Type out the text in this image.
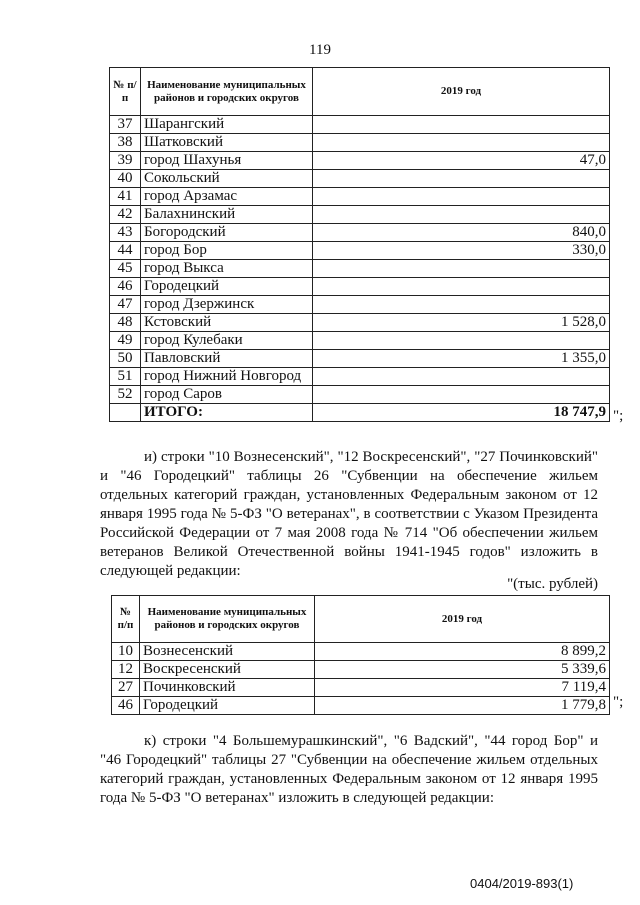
119
№ п/п	Наименование муниципальных районов и городских округов	2019 год
37	Шарангский	
38	Шатковский	
39	город Шахунья	47,0
40	Сокольский	
41	город Арзамас	
42	Балахнинский	
43	Богородский	840,0
44	город Бор	330,0
45	город Выкса	
46	Городецкий	
47	город Дзержинск	
48	Кстовский	1 528,0
49	город Кулебаки	
50	Павловский	1 355,0
51	город Нижний Новгород	
52	город Саров	
	ИТОГО:	18 747,9 ";
и) строки "10 Вознесенский", "12 Воскресенский", "27 Починковский" и "46 Городецкий" таблицы 26 "Субвенции на обеспечение жильем отдельных категорий граждан, установленных Федеральным законом от 12 января 1995 года № 5-ФЗ "О ветеранах", в соответствии с Указом Президента Российской Федерации от 7 мая 2008 года № 714 "Об обеспечении жильем ветеранов Великой Отечественной войны 1941-1945 годов" изложить в следующей редакции:
"(тыс. рублей)
№ п/п	Наименование муниципальных районов и городских округов	2019 год
10	Вознесенский	8 899,2
12	Воскресенский	5 339,6
27	Починковский	7 119,4
46	Городецкий	1 779,8 ";
к) строки "4 Большемурашкинский", "6 Вадский", "44 город Бор" и "46 Городецкий" таблицы 27 "Субвенции на обеспечение жильем отдельных категорий граждан, установленных Федеральным законом от 12 января 1995 года № 5-ФЗ "О ветеранах" изложить в следующей редакции:
0404/2019-893(1)
